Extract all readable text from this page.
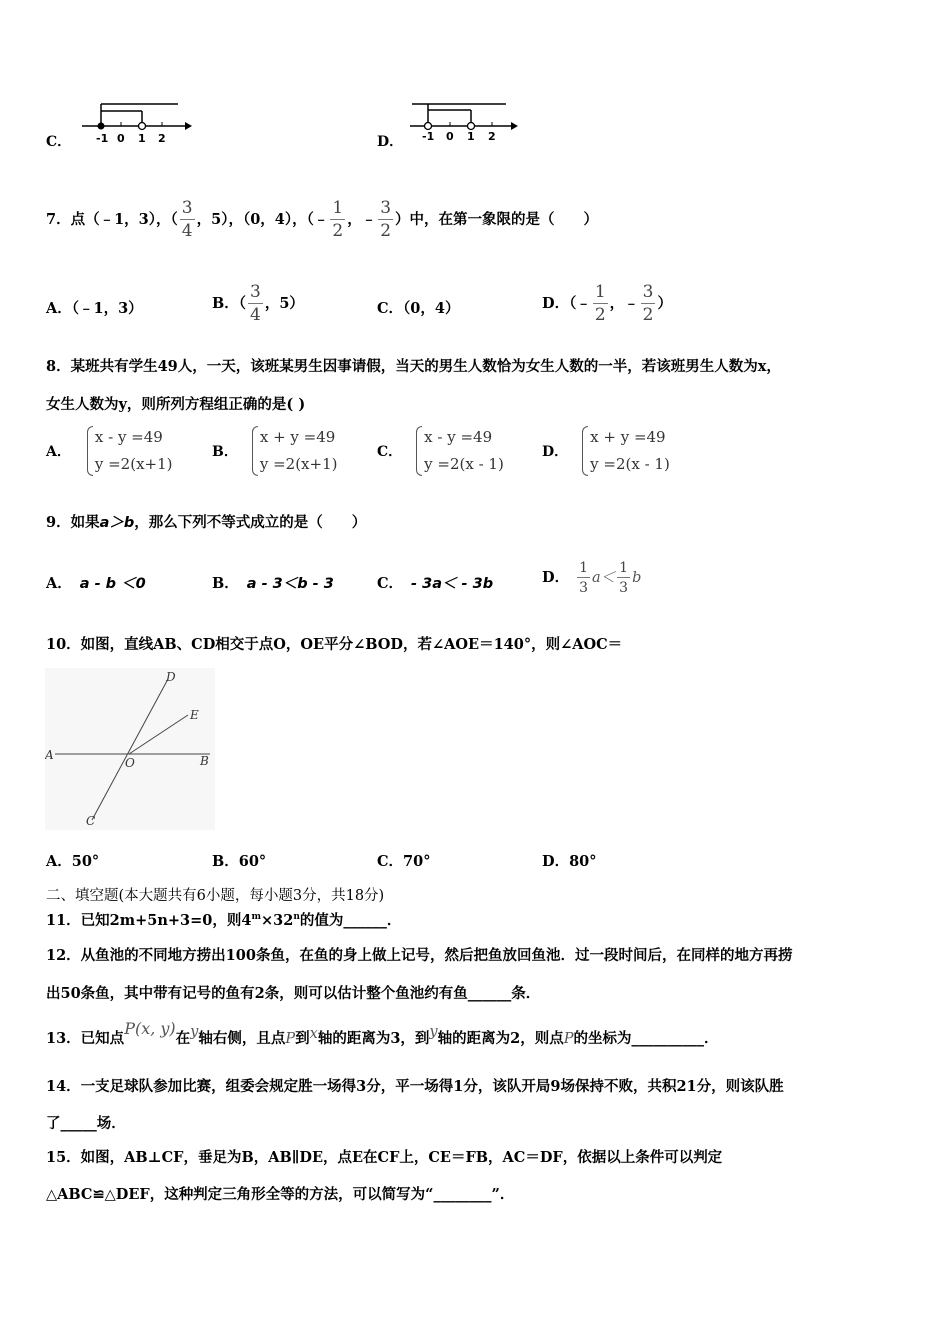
C． -1 0 1 2	D． -1 0 1 2
7．点（﹣1，3），（ $\frac{3}{4}$ ，5），（0，4），（﹣ $\frac{1}{2}$ ，﹣ $\frac{3}{2}$ ）中，在第一象限的是（　　）
A．（﹣1，3）	B．（ $\frac{3}{4}$ ，5）	C．（0，4）	D．（﹣ $\frac{1}{2}$ ，﹣ $\frac{3}{2}$ ）
8．某班共有学生49人，一天，该班某男生因事请假，当天的男生人数恰为女生人数的一半，若该班男生人数为x，
女生人数为y，则所列方程组正确的是( )
A．
x - y =49
y =2(x+1)
B．
x + y =49
y =2(x+1)
C．
x - y =49
y =2(x - 1)
D．
x + y =49
y =2(x - 1)
9．如果a＞b，那么下列不等式成立的是（　　）
A． a - b ＜0	B． a - 3＜b - 3	C． - 3a＜ - 3b	D． $\frac{1}{3} a< \frac{1}{3}$ b
10．如图，直线AB、CD相交于点O，OE平分∠BOD，若∠AOE＝140°，则∠AOC＝
A	B
C
D
E
O
A．50°	B．60°	C．70°	D．80°
二、填空题(本大题共有6小题，每小题3分，共18分)
11．已知2m+5n+3=0，则$4^m\times 32^n$的值为______．
12．从鱼池的不同地方捞出100条鱼，在鱼的身上做上记号，然后把鱼放回鱼池．过一段时间后，在同样的地方再捞
出50条鱼，其中带有记号的鱼有2条，则可以估计整个鱼池约有鱼______条．
13．已知点P(x, y)在y轴右侧，且点P到x轴的距离为3，到y轴的距离为2，则点P的坐标为__________．
14．一支足球队参加比赛，组委会规定胜一场得3分，平一场得1分，该队开局9场保持不败，共积21分，则该队胜
了_____场．
15．如图，AB⊥CF，垂足为B，AB∥DE，点E在CF上，CE＝FB，AC＝DF，依据以上条件可以判定
△ABC≌△DEF，这种判定三角形全等的方法，可以简写为“________”．
